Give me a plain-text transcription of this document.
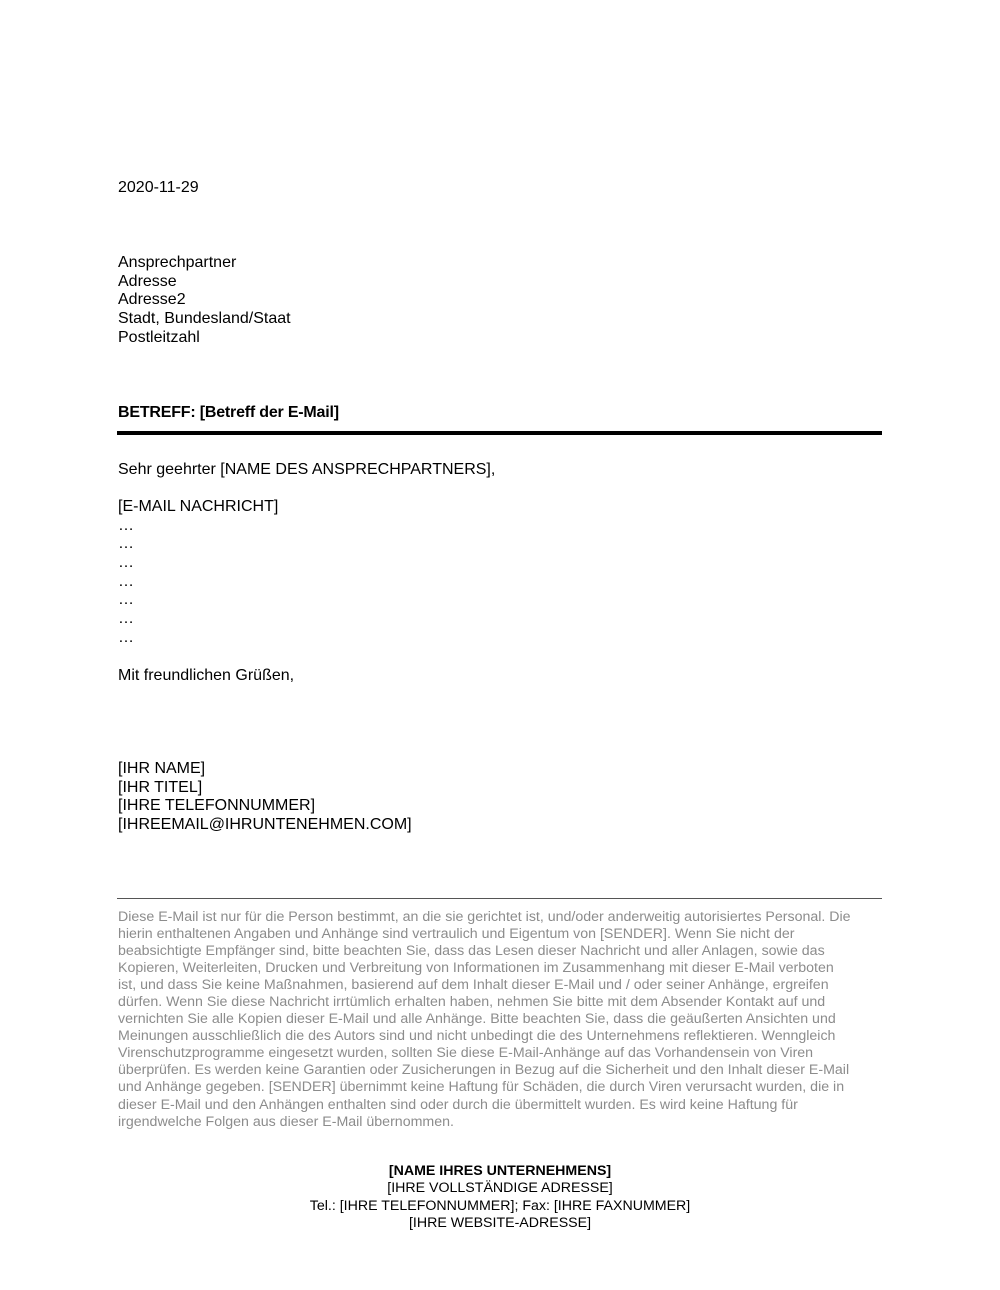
2020-11-29
Ansprechpartner
Adresse
Adresse2
Stadt, Bundesland/Staat
Postleitzahl
BETREFF: [Betreff der E-Mail]
Sehr geehrter [NAME DES ANSPRECHPARTNERS],
[E-MAIL NACHRICHT]
…
…
…
…
…
…
…
Mit freundlichen Grüßen,
[IHR NAME]
[IHR TITEL]
[IHRE TELEFONNUMMER]
[IHREEMAIL@IHRUNTENEHMEN.COM]
Diese E-Mail ist nur für die Person bestimmt, an die sie gerichtet ist, und/oder anderweitig autorisiertes Personal. Die
hierin enthaltenen Angaben und Anhänge sind vertraulich und Eigentum von [SENDER]. Wenn Sie nicht der
beabsichtigte Empfänger sind, bitte beachten Sie, dass das Lesen dieser Nachricht und aller Anlagen, sowie das
Kopieren, Weiterleiten, Drucken und Verbreitung von Informationen im Zusammenhang mit dieser E-Mail verboten
ist, und dass Sie keine Maßnahmen, basierend auf dem Inhalt dieser E-Mail und / oder seiner Anhänge, ergreifen
dürfen. Wenn Sie diese Nachricht irrtümlich erhalten haben, nehmen Sie bitte mit dem Absender Kontakt auf und
vernichten Sie alle Kopien dieser E-Mail und alle Anhänge. Bitte beachten Sie, dass die geäußerten Ansichten und
Meinungen ausschließlich die des Autors sind und nicht unbedingt die des Unternehmens reflektieren. Wenngleich
Virenschutzprogramme eingesetzt wurden, sollten Sie diese E-Mail-Anhänge auf das Vorhandensein von Viren
überprüfen. Es werden keine Garantien oder Zusicherungen in Bezug auf die Sicherheit und den Inhalt dieser E-Mail
und Anhänge gegeben. [SENDER] übernimmt keine Haftung für Schäden, die durch Viren verursacht wurden, die in
dieser E-Mail und den Anhängen enthalten sind oder durch die übermittelt wurden. Es wird keine Haftung für
irgendwelche Folgen aus dieser E-Mail übernommen.
[NAME IHRES UNTERNEHMENS]
[IHRE VOLLSTÄNDIGE ADRESSE]
Tel.: [IHRE TELEFONNUMMER]; Fax: [IHRE FAXNUMMER]
[IHRE WEBSITE-ADRESSE]
